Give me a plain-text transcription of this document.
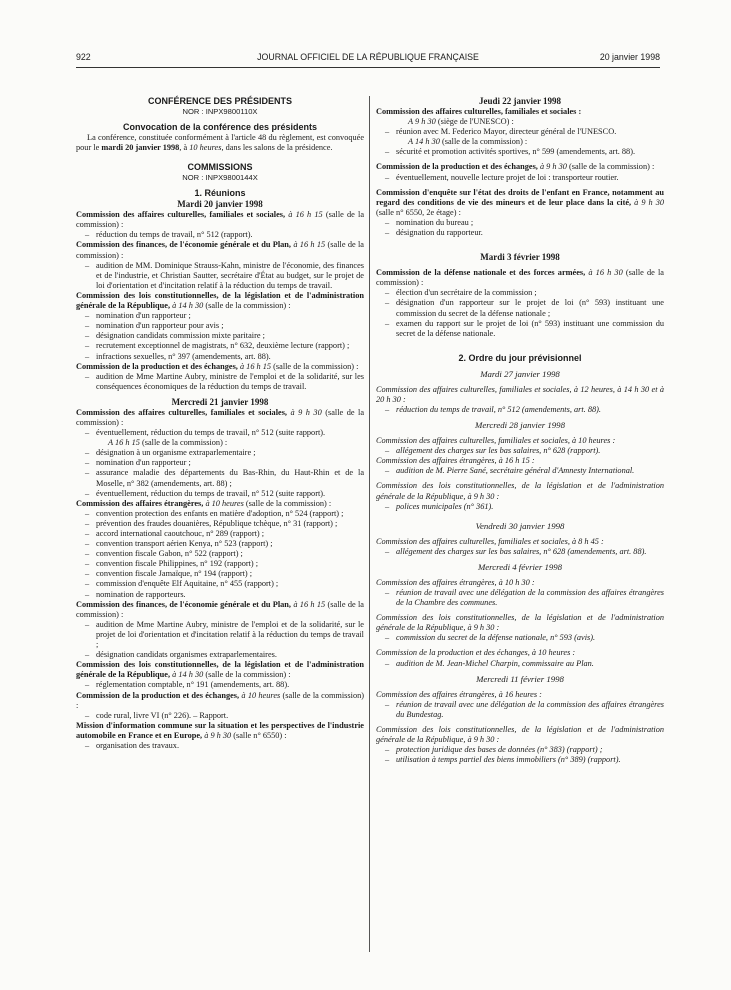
922	JOURNAL OFFICIEL DE LA RÉPUBLIQUE FRANÇAISE	20 janvier 1998
CONFÉRENCE DES PRÉSIDENTS
NOR : INPX9800110X
Convocation de la conférence des présidents

La conférence, constituée conformément à l'article 48 du règlement, est convoquée pour le mardi 20 janvier 1998, à 10 heures, dans les salons de la présidence.

COMMISSIONS
NOR : INPX9800144X
1. Réunions
Mardi 20 janvier 1998

Commission des affaires culturelles, familiales et sociales, à 16 h 15 (salle de la commission) :

– réduction du temps de travail, n° 512 (rapport).

Commission des finances, de l'économie générale et du Plan, à 16 h 15 (salle de la commission) :

– audition de MM. Dominique Strauss-Kahn, ministre de l'économie, des finances et de l'industrie, et Christian Sautter, secrétaire d'État au budget, sur le projet de loi d'orientation et d'incitation relatif à la réduction du temps de travail.

Commission des lois constitutionnelles, de la législation et de l'administration générale de la République, à 14 h 30 (salle de la commission) :

– nomination d'un rapporteur ;
– nomination d'un rapporteur pour avis ;
– désignation candidats commission mixte paritaire ;
– recrutement exceptionnel de magistrats, n° 632, deuxième lecture (rapport) ;
– infractions sexuelles, n° 397 (amendements, art. 88).

Commission de la production et des échanges, à 16 h 15 (salle de la commission) :

– audition de Mme Martine Aubry, ministre de l'emploi et de la solidarité, sur les conséquences économiques de la réduction du temps de travail.
Mercredi 21 janvier 1998

Commission des affaires culturelles, familiales et sociales, à 9 h 30 (salle de la commission) :

– éventuellement, réduction du temps de travail, n° 512 (suite rapport).
A 16 h 15 (salle de la commission) :
– désignation à un organisme extraparlementaire ;
– nomination d'un rapporteur ;
– assurance maladie des départements du Bas-Rhin, du Haut-Rhin et de la Moselle, n° 382 (amendements, art. 88) ;
– éventuellement, réduction du temps de travail, n° 512 (suite rapport).

Commission des affaires étrangères, à 10 heures (salle de la commission) :

– convention protection des enfants en matière d'adoption, n° 524 (rapport) ;
– prévention des fraudes douanières, République tchèque, n° 31 (rapport) ;
– accord international caoutchouc, n° 289 (rapport) ;
– convention transport aérien Kenya, n° 523 (rapport) ;
– convention fiscale Gabon, n° 522 (rapport) ;
– convention fiscale Philippines, n° 192 (rapport) ;
– convention fiscale Jamaïque, n° 194 (rapport) ;
– commission d'enquête Elf Aquitaine, n° 455 (rapport) ;
– nomination de rapporteurs.

Commission des finances, de l'économie générale et du Plan, à 16 h 15 (salle de la commission) :

– audition de Mme Martine Aubry, ministre de l'emploi et de la solidarité, sur le projet de loi d'orientation et d'incitation relatif à la réduction du temps de travail ;
– désignation candidats organismes extraparlementaires.

Commission des lois constitutionnelles, de la législation et de l'administration générale de la République, à 14 h 30 (salle de la commission) :

– réglementation comptable, n° 191 (amendements, art. 88).

Commission de la production et des échanges, à 10 heures (salle de la commission) :

– code rural, livre VI (n° 226). – Rapport.

Mission d'information commune sur la situation et les perspectives de l'industrie automobile en France et en Europe, à 9 h 30 (salle n° 6550) :

– organisation des travaux.
Jeudi 22 janvier 1998

Commission des affaires culturelles, familiales et sociales :

A 9 h 30 (siège de l'UNESCO) :
– réunion avec M. Federico Mayor, directeur général de l'UNESCO.
A 14 h 30 (salle de la commission) :
– sécurité et promotion activités sportives, n° 599 (amendements, art. 88).

Commission de la production et des échanges, à 9 h 30 (salle de la commission) :

– éventuellement, nouvelle lecture projet de loi : transporteur routier.

Commission d'enquête sur l'état des droits de l'enfant en France, notamment au regard des conditions de vie des mineurs et de leur place dans la cité, à 9 h 30 (salle n° 6550, 2e étage) :

– nomination du bureau ;
– désignation du rapporteur.
Mardi 3 février 1998

Commission de la défense nationale et des forces armées, à 16 h 30 (salle de la commission) :

– élection d'un secrétaire de la commission ;
– désignation d'un rapporteur sur le projet de loi (n° 593) instituant une commission du secret de la défense nationale ;
– examen du rapport sur le projet de loi (n° 593) instituant une commission du secret de la défense nationale.
2. Ordre du jour prévisionnel
Mardi 27 janvier 1998

Commission des affaires culturelles, familiales et sociales, à 12 heures, à 14 h 30 et à 20 h 30 :

– réduction du temps de travail, n° 512 (amendements, art. 88).
Mercredi 28 janvier 1998

Commission des affaires culturelles, familiales et sociales, à 10 heures :

– allégement des charges sur les bas salaires, n° 628 (rapport).

Commission des affaires étrangères, à 16 h 15 :

– audition de M. Pierre Sané, secrétaire général d'Amnesty International.

Commission des lois constitutionnelles, de la législation et de l'administration générale de la République, à 9 h 30 :

– polices municipales (n° 361).
Vendredi 30 janvier 1998

Commission des affaires culturelles, familiales et sociales, à 8 h 45 :

– allégement des charges sur les bas salaires, n° 628 (amendements, art. 88).
Mercredi 4 février 1998

Commission des affaires étrangères, à 10 h 30 :

– réunion de travail avec une délégation de la commission des affaires étrangères de la Chambre des communes.

Commission des lois constitutionnelles, de la législation et de l'administration générale de la République, à 9 h 30 :

– commission du secret de la défense nationale, n° 593 (avis).

Commission de la production et des échanges, à 10 heures :

– audition de M. Jean-Michel Charpin, commissaire au Plan.
Mercredi 11 février 1998

Commission des affaires étrangères, à 16 heures :

– réunion de travail avec une délégation de la commission des affaires étrangères du Bundestag.

Commission des lois constitutionnelles, de la législation et de l'administration générale de la République, à 9 h 30 :

– protection juridique des bases de données (n° 383) (rapport) ;
– utilisation à temps partiel des biens immobiliers (n° 389) (rapport).
